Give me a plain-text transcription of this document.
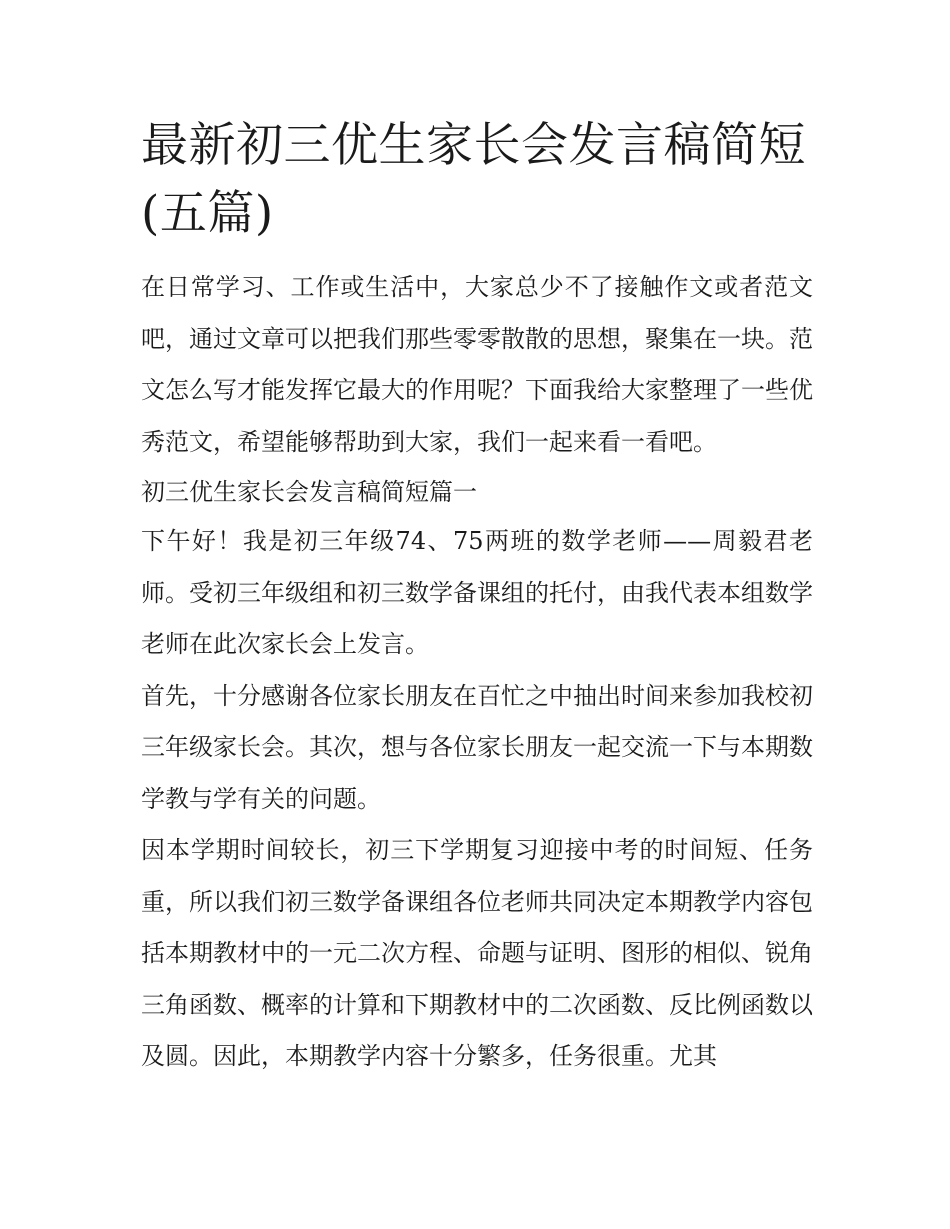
最新初三优生家长会发言稿简短(五篇)

在日常学习、工作或生活中，大家总少不了接触作文或者范文吧，通过文章可以把我们那些零零散散的思想，聚集在一块。范文怎么写才能发挥它最大的作用呢？下面我给大家整理了一些优秀范文，希望能够帮助到大家，我们一起来看一看吧。

初三优生家长会发言稿简短篇一

下午好！我是初三年级74、75两班的数学老师——周毅君老师。受初三年级组和初三数学备课组的托付，由我代表本组数学老师在此次家长会上发言。

首先，十分感谢各位家长朋友在百忙之中抽出时间来参加我校初三年级家长会。其次，想与各位家长朋友一起交流一下与本期数学教与学有关的问题。

因本学期时间较长，初三下学期复习迎接中考的时间短、任务重，所以我们初三数学备课组各位老师共同决定本期教学内容包括本期教材中的一元二次方程、命题与证明、图形的相似、锐角三角函数、概率的计算和下期教材中的二次函数、反比例函数以及圆。因此，本期教学内容十分繁多，任务很重。尤其
